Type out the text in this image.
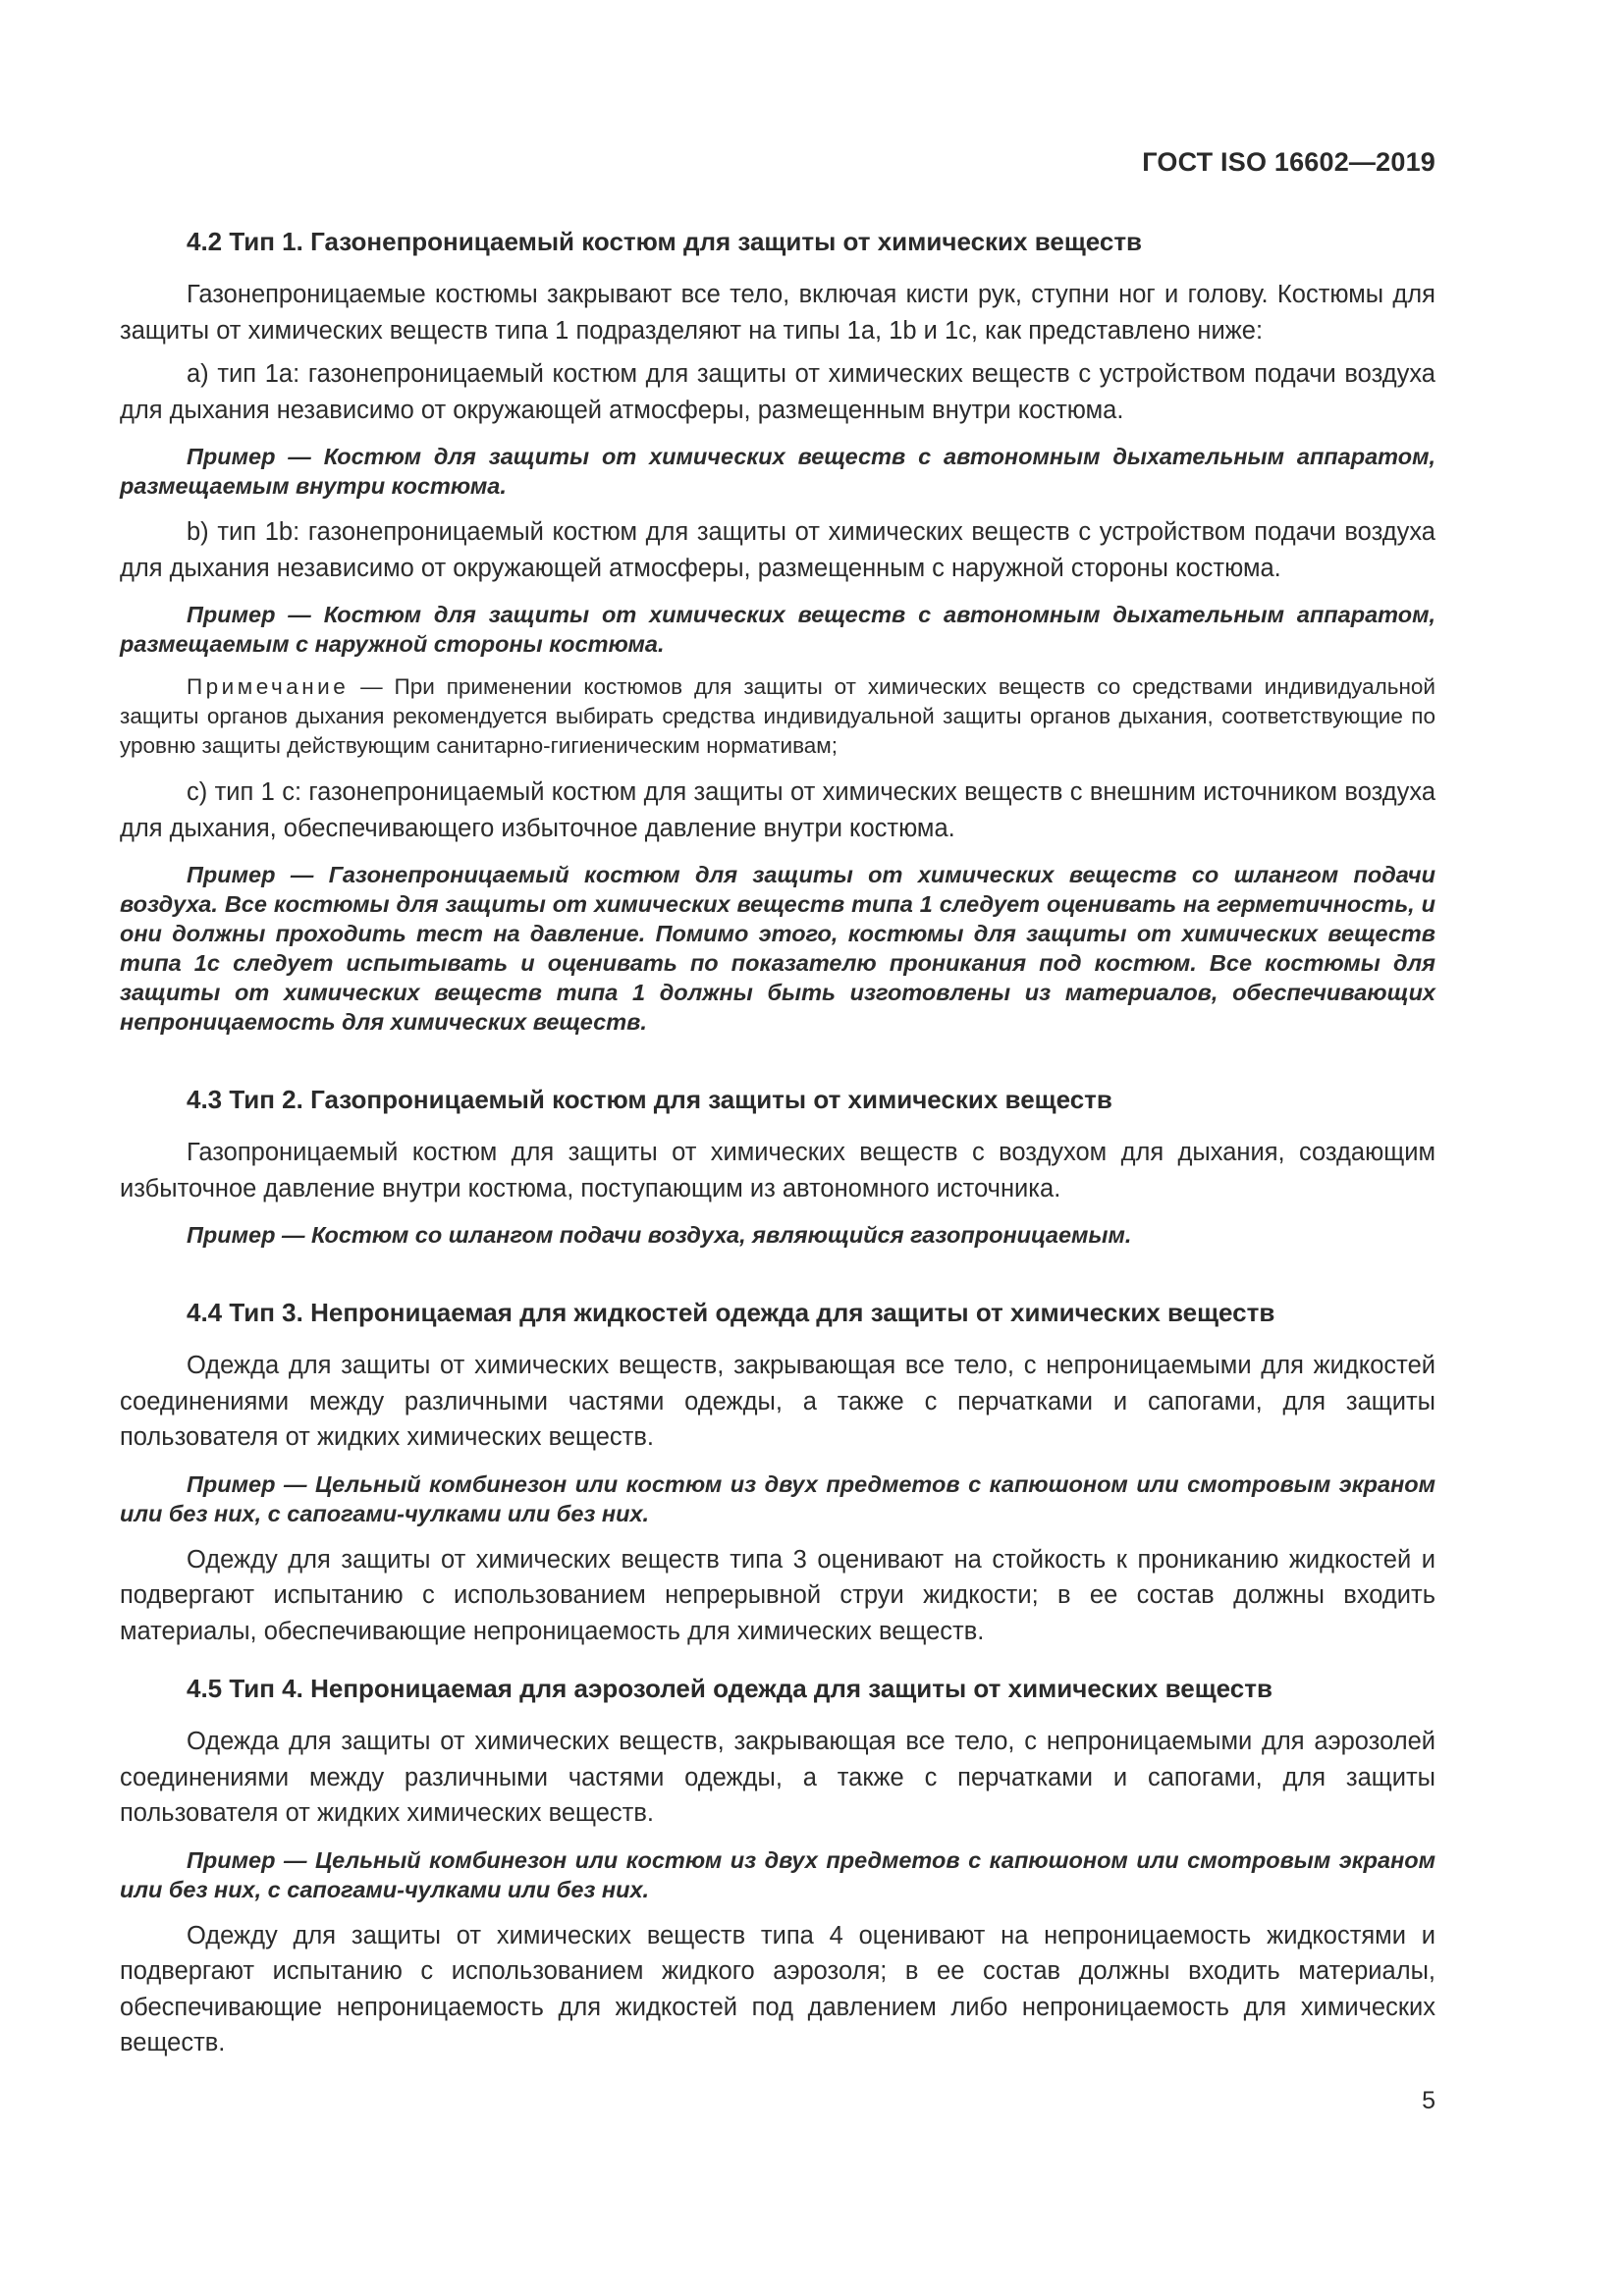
ГОСТ ISO 16602—2019
4.2 Тип 1. Газонепроницаемый костюм для защиты от химических веществ

Газонепроницаемые костюмы закрывают все тело, включая кисти рук, ступни ног и голову. Костюмы для защиты от химических веществ типа 1 подразделяют на типы 1а, 1b и 1с, как представлено ниже:

а) тип 1а: газонепроницаемый костюм для защиты от химических веществ с устройством подачи воздуха для дыхания независимо от окружающей атмосферы, размещенным внутри костюма.

Пример — Костюм для защиты от химических веществ с автономным дыхательным аппаратом, размещаемым внутри костюма.

b) тип 1b: газонепроницаемый костюм для защиты от химических веществ с устройством подачи воздуха для дыхания независимо от окружающей атмосферы, размещенным с наружной стороны костюма.

Пример — Костюм для защиты от химических веществ с автономным дыхательным аппаратом, размещаемым с наружной стороны костюма.

Примечание — При применении костюмов для защиты от химических веществ со средствами индивидуальной защиты органов дыхания рекомендуется выбирать средства индивидуальной защиты органов дыхания, соответствующие по уровню защиты действующим санитарно-гигиеническим нормативам;

с) тип 1 с: газонепроницаемый костюм для защиты от химических веществ с внешним источником воздуха для дыхания, обеспечивающего избыточное давление внутри костюма.

Пример — Газонепроницаемый костюм для защиты от химических веществ со шлангом подачи воздуха. Все костюмы для защиты от химических веществ типа 1 следует оценивать на герметичность, и они должны проходить тест на давление. Помимо этого, костюмы для защиты от химических веществ типа 1с следует испытывать и оценивать по показателю проникания под костюм. Все костюмы для защиты от химических веществ типа 1 должны быть изготовлены из материалов, обеспечивающих непроницаемость для химических веществ.

4.3 Тип 2. Газопроницаемый костюм для защиты от химических веществ

Газопроницаемый костюм для защиты от химических веществ с воздухом для дыхания, создающим избыточное давление внутри костюма, поступающим из автономного источника.

Пример — Костюм со шлангом подачи воздуха, являющийся газопроницаемым.

4.4 Тип 3. Непроницаемая для жидкостей одежда для защиты от химических веществ

Одежда для защиты от химических веществ, закрывающая все тело, с непроницаемыми для жидкостей соединениями между различными частями одежды, а также с перчатками и сапогами, для защиты пользователя от жидких химических веществ.

Пример — Цельный комбинезон или костюм из двух предметов с капюшоном или смотровым экраном или без них, с сапогами-чулками или без них.

Одежду для защиты от химических веществ типа 3 оценивают на стойкость к прониканию жидкостей и подвергают испытанию с использованием непрерывной струи жидкости; в ее состав должны входить материалы, обеспечивающие непроницаемость для химических веществ.

4.5 Тип 4. Непроницаемая для аэрозолей одежда для защиты от химических веществ

Одежда для защиты от химических веществ, закрывающая все тело, с непроницаемыми для аэрозолей соединениями между различными частями одежды, а также с перчатками и сапогами, для защиты пользователя от жидких химических веществ.

Пример — Цельный комбинезон или костюм из двух предметов с капюшоном или смотровым экраном или без них, с сапогами-чулками или без них.

Одежду для защиты от химических веществ типа 4 оценивают на непроницаемость жидкостями и подвергают испытанию с использованием жидкого аэрозоля; в ее состав должны входить материалы, обеспечивающие непроницаемость для жидкостей под давлением либо непроницаемость для химических веществ.

5
